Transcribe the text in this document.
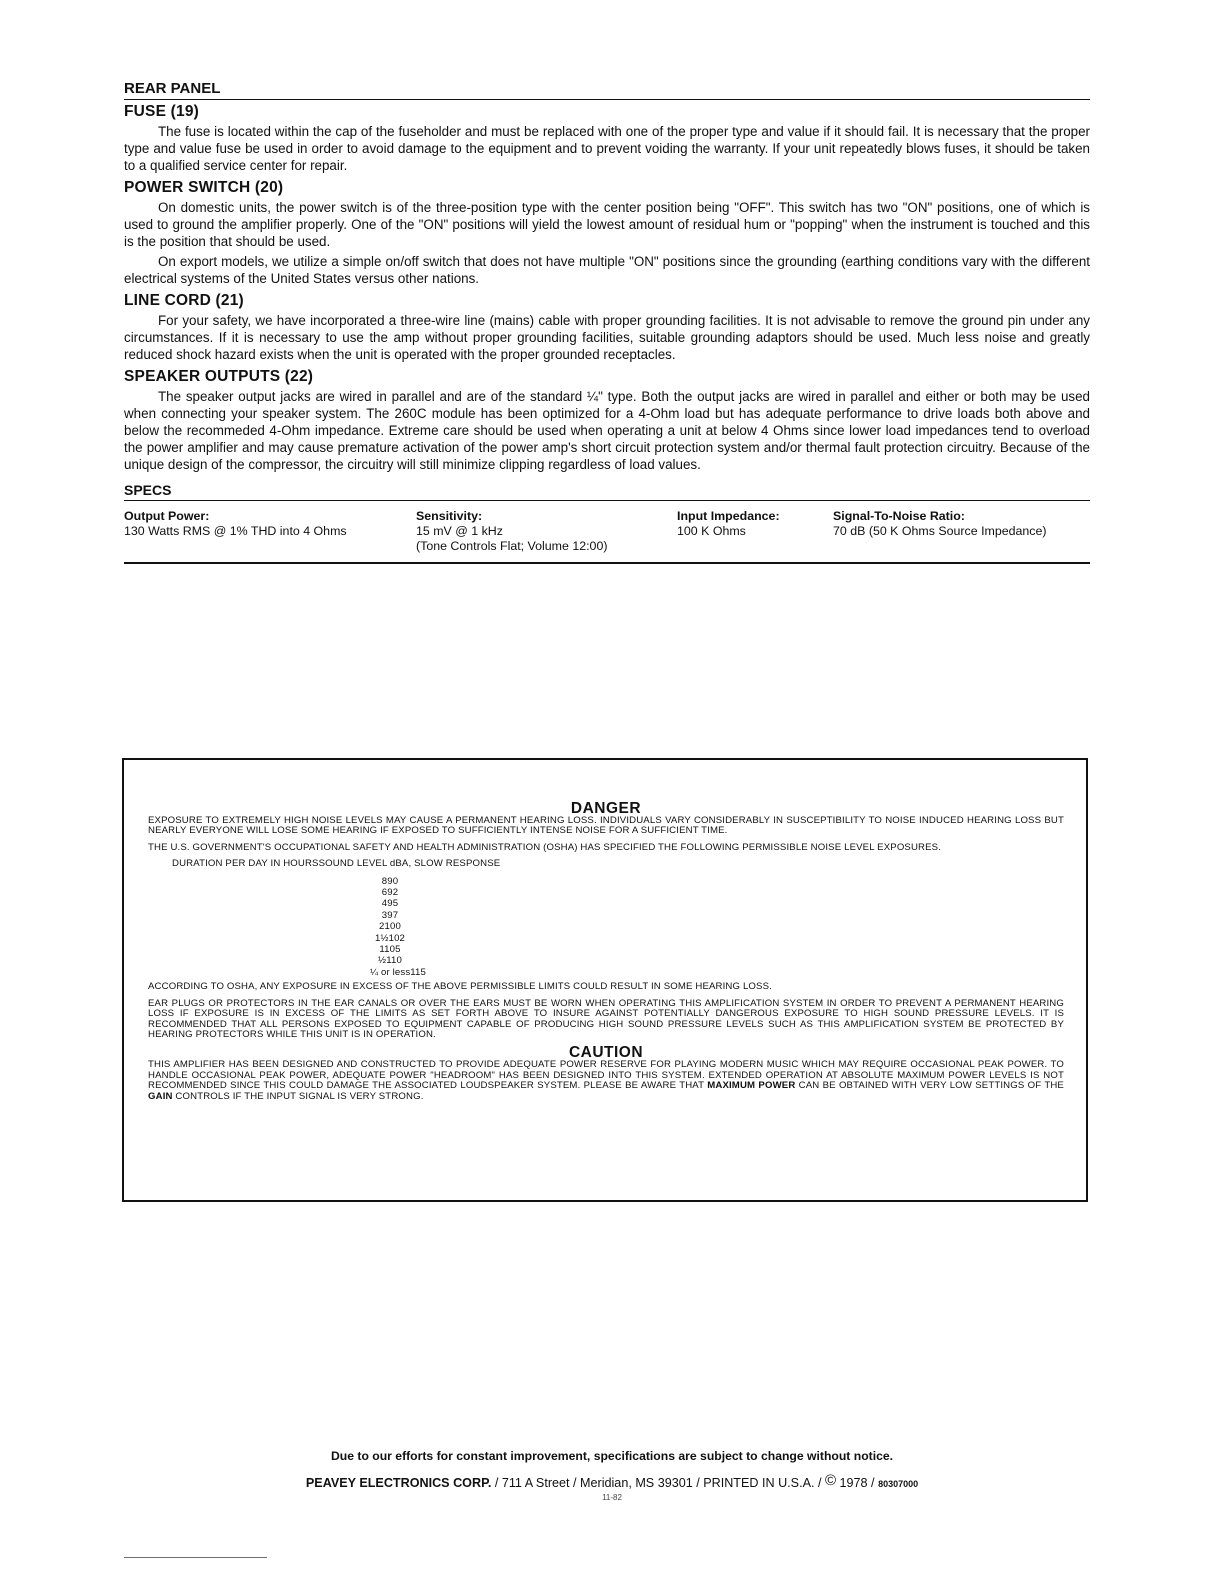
REAR PANEL
FUSE (19)

The fuse is located within the cap of the fuseholder and must be replaced with one of the proper type and value if it should fail. It is necessary that the proper type and value fuse be used in order to avoid damage to the equipment and to prevent voiding the warranty. If your unit repeatedly blows fuses, it should be taken to a qualified service center for repair.

POWER SWITCH (20)

On domestic units, the power switch is of the three-position type with the center position being "OFF". This switch has two "ON" positions, one of which is used to ground the amplifier properly. One of the "ON" positions will yield the lowest amount of residual hum or "popping" when the instrument is touched and this is the position that should be used.

On export models, we utilize a simple on/off switch that does not have multiple "ON" positions since the grounding (earthing conditions vary with the different electrical systems of the United States versus other nations.

LINE CORD (21)

For your safety, we have incorporated a three-wire line (mains) cable with proper grounding facilities. It is not advisable to remove the ground pin under any circumstances. If it is necessary to use the amp without proper grounding facilities, suitable grounding adaptors should be used. Much less noise and greatly reduced shock hazard exists when the unit is operated with the proper grounded receptacles.

SPEAKER OUTPUTS (22)

The speaker output jacks are wired in parallel and are of the standard ¼" type. Both the output jacks are wired in parallel and either or both may be used when connecting your speaker system. The 260C module has been optimized for a 4-Ohm load but has adequate performance to drive loads both above and below the recommeded 4-Ohm impedance. Extreme care should be used when operating a unit at below 4 Ohms since lower load impedances tend to overload the power amplifier and may cause premature activation of the power amp's short circuit protection system and/or thermal fault protection circuitry. Because of the unique design of the compressor, the circuitry will still minimize clipping regardless of load values.

SPECS
Output Power:
130 Watts RMS @ 1% THD into 4 Ohms
Sensitivity:
15 mV @ 1 kHz
(Tone Controls Flat; Volume 12:00)
Input Impedance:
100 K Ohms
Signal-To-Noise Ratio:
70 dB (50 K Ohms Source Impedance)
DANGER

EXPOSURE TO EXTREMELY HIGH NOISE LEVELS MAY CAUSE A PERMANENT HEARING LOSS. INDIVIDUALS VARY CONSIDERABLY IN SUSCEPTIBILITY TO NOISE INDUCED HEARING LOSS BUT NEARLY EVERYONE WILL LOSE SOME HEARING IF EXPOSED TO SUFFICIENTLY INTENSE NOISE FOR A SUFFICIENT TIME.

THE U.S. GOVERNMENT'S OCCUPATIONAL SAFETY AND HEALTH ADMINISTRATION (OSHA) HAS SPECIFIED THE FOLLOWING PERMISSIBLE NOISE LEVEL EXPOSURES.

DURATION PER DAY IN HOURSSOUND LEVEL dBA, SLOW RESPONSE

890
692
495
397
2100
1½102
1105
½110
¼ or less115

ACCORDING TO OSHA, ANY EXPOSURE IN EXCESS OF THE ABOVE PERMISSIBLE LIMITS COULD RESULT IN SOME HEARING LOSS.

EAR PLUGS OR PROTECTORS IN THE EAR CANALS OR OVER THE EARS MUST BE WORN WHEN OPERATING THIS AMPLIFICATION SYSTEM IN ORDER TO PREVENT A PERMANENT HEARING LOSS IF EXPOSURE IS IN EXCESS OF THE LIMITS AS SET FORTH ABOVE TO INSURE AGAINST POTENTIALLY DANGEROUS EXPOSURE TO HIGH SOUND PRESSURE LEVELS. IT IS RECOMMENDED THAT ALL PERSONS EXPOSED TO EQUIPMENT CAPABLE OF PRODUCING HIGH SOUND PRESSURE LEVELS SUCH AS THIS AMPLIFICATION SYSTEM BE PROTECTED BY HEARING PROTECTORS WHILE THIS UNIT IS IN OPERATION.

CAUTION

THIS AMPLIFIER HAS BEEN DESIGNED AND CONSTRUCTED TO PROVIDE ADEQUATE POWER RESERVE FOR PLAYING MODERN MUSIC WHICH MAY REQUIRE OCCASIONAL PEAK POWER. TO HANDLE OCCASIONAL PEAK POWER, ADEQUATE POWER "HEADROOM" HAS BEEN DESIGNED INTO THIS SYSTEM. EXTENDED OPERATION AT ABSOLUTE MAXIMUM POWER LEVELS IS NOT RECOMMENDED SINCE THIS COULD DAMAGE THE ASSOCIATED LOUDSPEAKER SYSTEM. PLEASE BE AWARE THAT MAXIMUM POWER CAN BE OBTAINED WITH VERY LOW SETTINGS OF THE GAIN CONTROLS IF THE INPUT SIGNAL IS VERY STRONG.

Due to our efforts for constant improvement, specifications are subject to change without notice.
PEAVEY ELECTRONICS CORP. / 711 A Street / Meridian, MS 39301 / PRINTED IN U.S.A. / © 1978 / 80307000
11-82
